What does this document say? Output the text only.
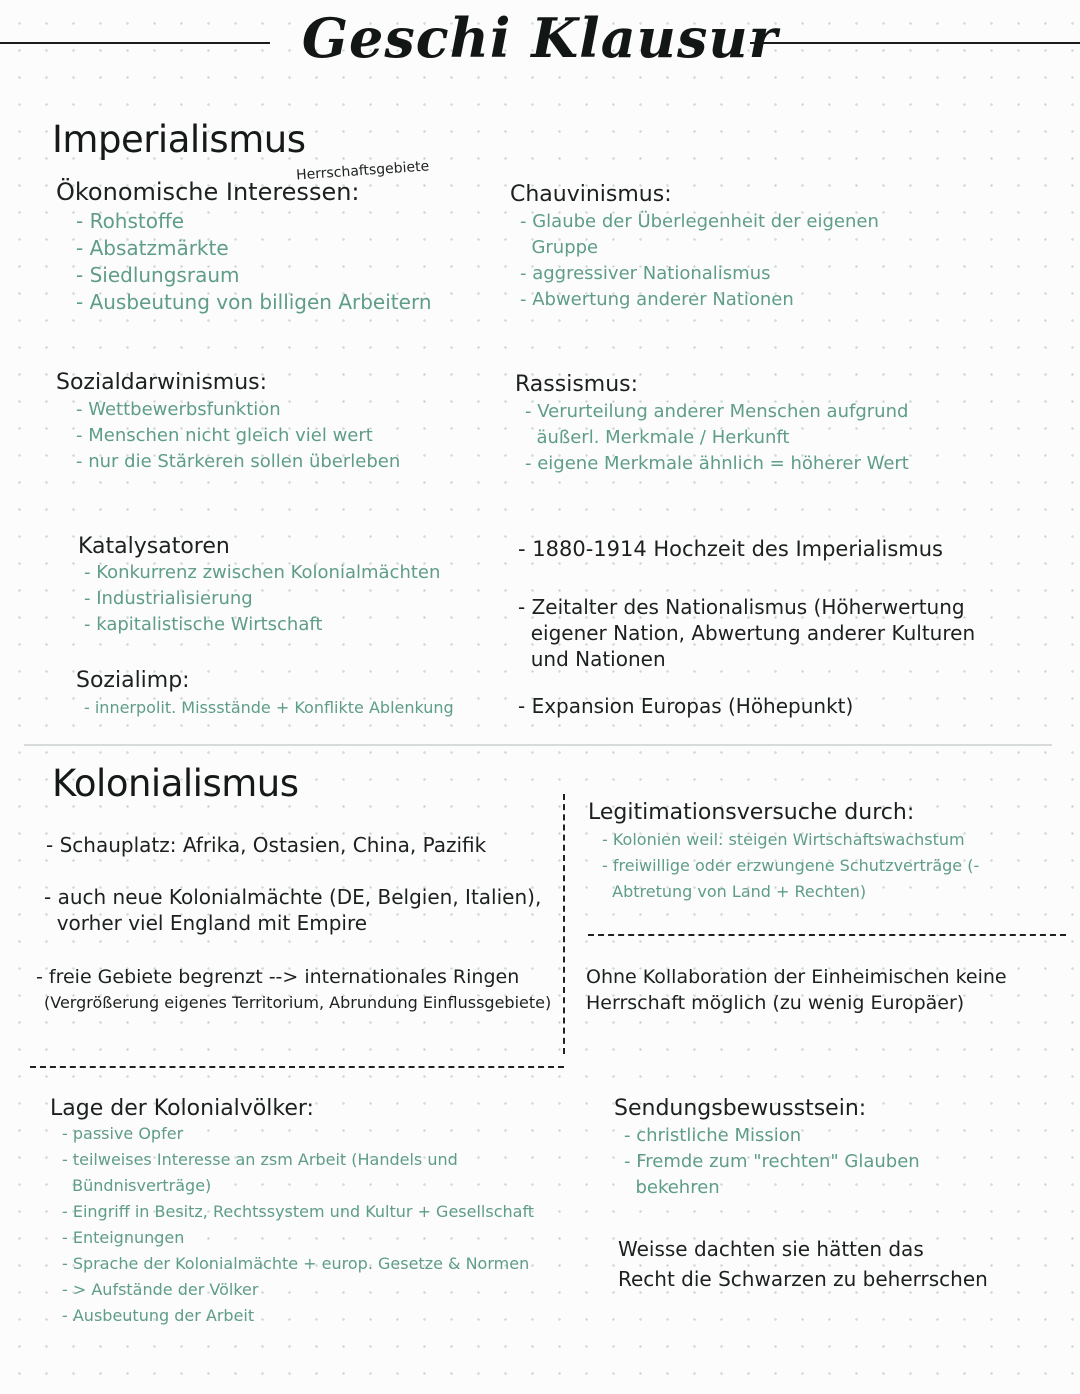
Geschi Klausur
Imperialismus
Herrschaftsgebiete
Ökonomische Interessen:
- Rohstoffe
- Absatzmärkte
- Siedlungsraum
- Ausbeutung von billigen Arbeitern
Chauvinismus:
- Glaube der Überlegenheit der eigenen
Gruppe
- aggressiver Nationalismus
- Abwertung anderer Nationen
Sozialdarwinismus:
- Wettbewerbsfunktion
- Menschen nicht gleich viel wert
- nur die Stärkeren sollen überleben
Rassismus:
- Verurteilung anderer Menschen aufgrund
äußerl. Merkmale / Herkunft
- eigene Merkmale ähnlich = höherer Wert
Katalysatoren
- Konkurrenz zwischen Kolonialmächten
- Industrialisierung
- kapitalistische Wirtschaft
Sozialimp:
- innerpolit. Missstände + Konflikte Ablenkung
- 1880-1914 Hochzeit des Imperialismus
- Zeitalter des Nationalismus (Höherwertung
eigener Nation, Abwertung anderer Kulturen
und Nationen
- Expansion Europas (Höhepunkt)
Kolonialismus
- Schauplatz: Afrika, Ostasien, China, Pazifik
- auch neue Kolonialmächte (DE, Belgien, Italien),
vorher viel England mit Empire
- freie Gebiete begrenzt --> internationales Ringen
(Vergrößerung eigenes Territorium, Abrundung Einflussgebiete)
Legitimationsversuche durch:
- Kolonien weil: steigen Wirtschaftswachstum
- freiwillige oder erzwungene Schutzverträge (-
Abtretung von Land + Rechten)
Ohne Kollaboration der Einheimischen keine
Herrschaft möglich (zu wenig Europäer)
Lage der Kolonialvölker:
- passive Opfer
- teilweises Interesse an zsm Arbeit (Handels und
Bündnisverträge)
- Eingriff in Besitz, Rechtssystem und Kultur + Gesellschaft
- Enteignungen
- Sprache der Kolonialmächte + europ. Gesetze & Normen
- > Aufstände der Völker
- Ausbeutung der Arbeit
Sendungsbewusstsein:
- christliche Mission
- Fremde zum "rechten" Glauben
bekehren
Weisse dachten sie hätten das
Recht die Schwarzen zu beherrschen
